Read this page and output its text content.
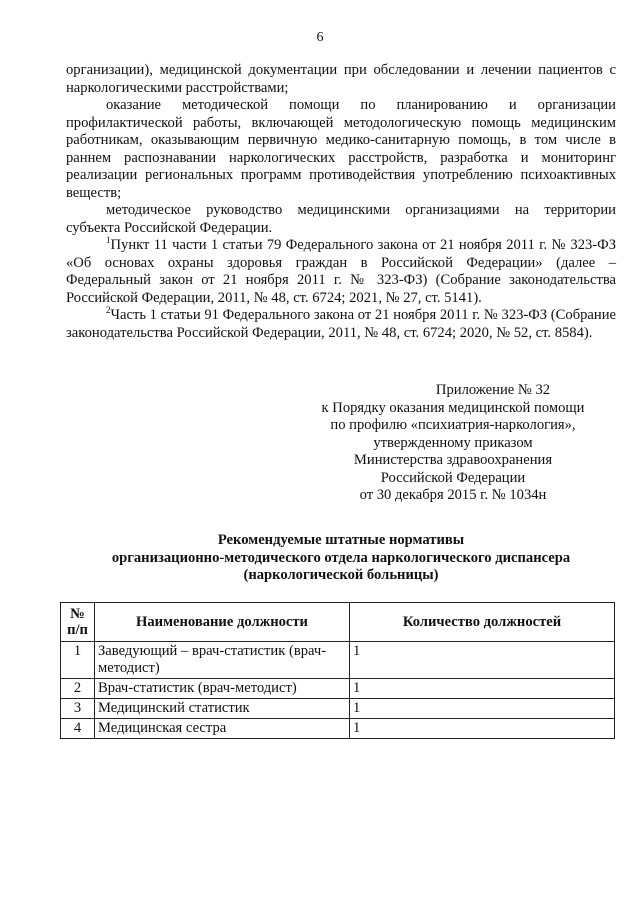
6

организации), медицинской документации при обследовании и лечении пациентов с наркологическими расстройствами;

оказание методической помощи по планированию и организации профилактической работы, включающей методологическую помощь медицинским работникам, оказывающим первичную медико-санитарную помощь, в том числе в раннем распознавании наркологических расстройств, разработка и мониторинг реализации региональных программ противодействия употреблению психоактивных веществ;

методическое руководство медицинскими организациями на территории субъекта Российской Федерации.

$^1$Пункт 11 части 1 статьи 79 Федерального закона от 21 ноября 2011 г. № 323-ФЗ «Об основах охраны здоровья граждан в Российской Федерации» (далее – Федеральный закон от 21 ноября 2011 г. № 323-ФЗ) (Собрание законодательства Российской Федерации, 2011, № 48, ст. 6724; 2021, № 27, ст. 5141).

$^2$Часть 1 статьи 91 Федерального закона от 21 ноября 2011 г. № 323-ФЗ (Собрание законодательства Российской Федерации, 2011, № 48, ст. 6724; 2020, № 52, ст. 8584).

Приложение № 32
к Порядку оказания медицинской помощи
по профилю «психиатрия-наркология»,
утвержденному приказом
Министерства здравоохранения
Российской Федерации
от 30 декабря 2015 г. № 1034н
Рекомендуемые штатные нормативы
организационно-методического отдела наркологического диспансера
(наркологической больницы)
№
п/п	Наименование должности	Количество должностей
1	Заведующий – врач-статистик (врач-методист)	1
2	Врач-статистик (врач-методист)	1
3	Медицинский статистик	1
4	Медицинская сестра	1
